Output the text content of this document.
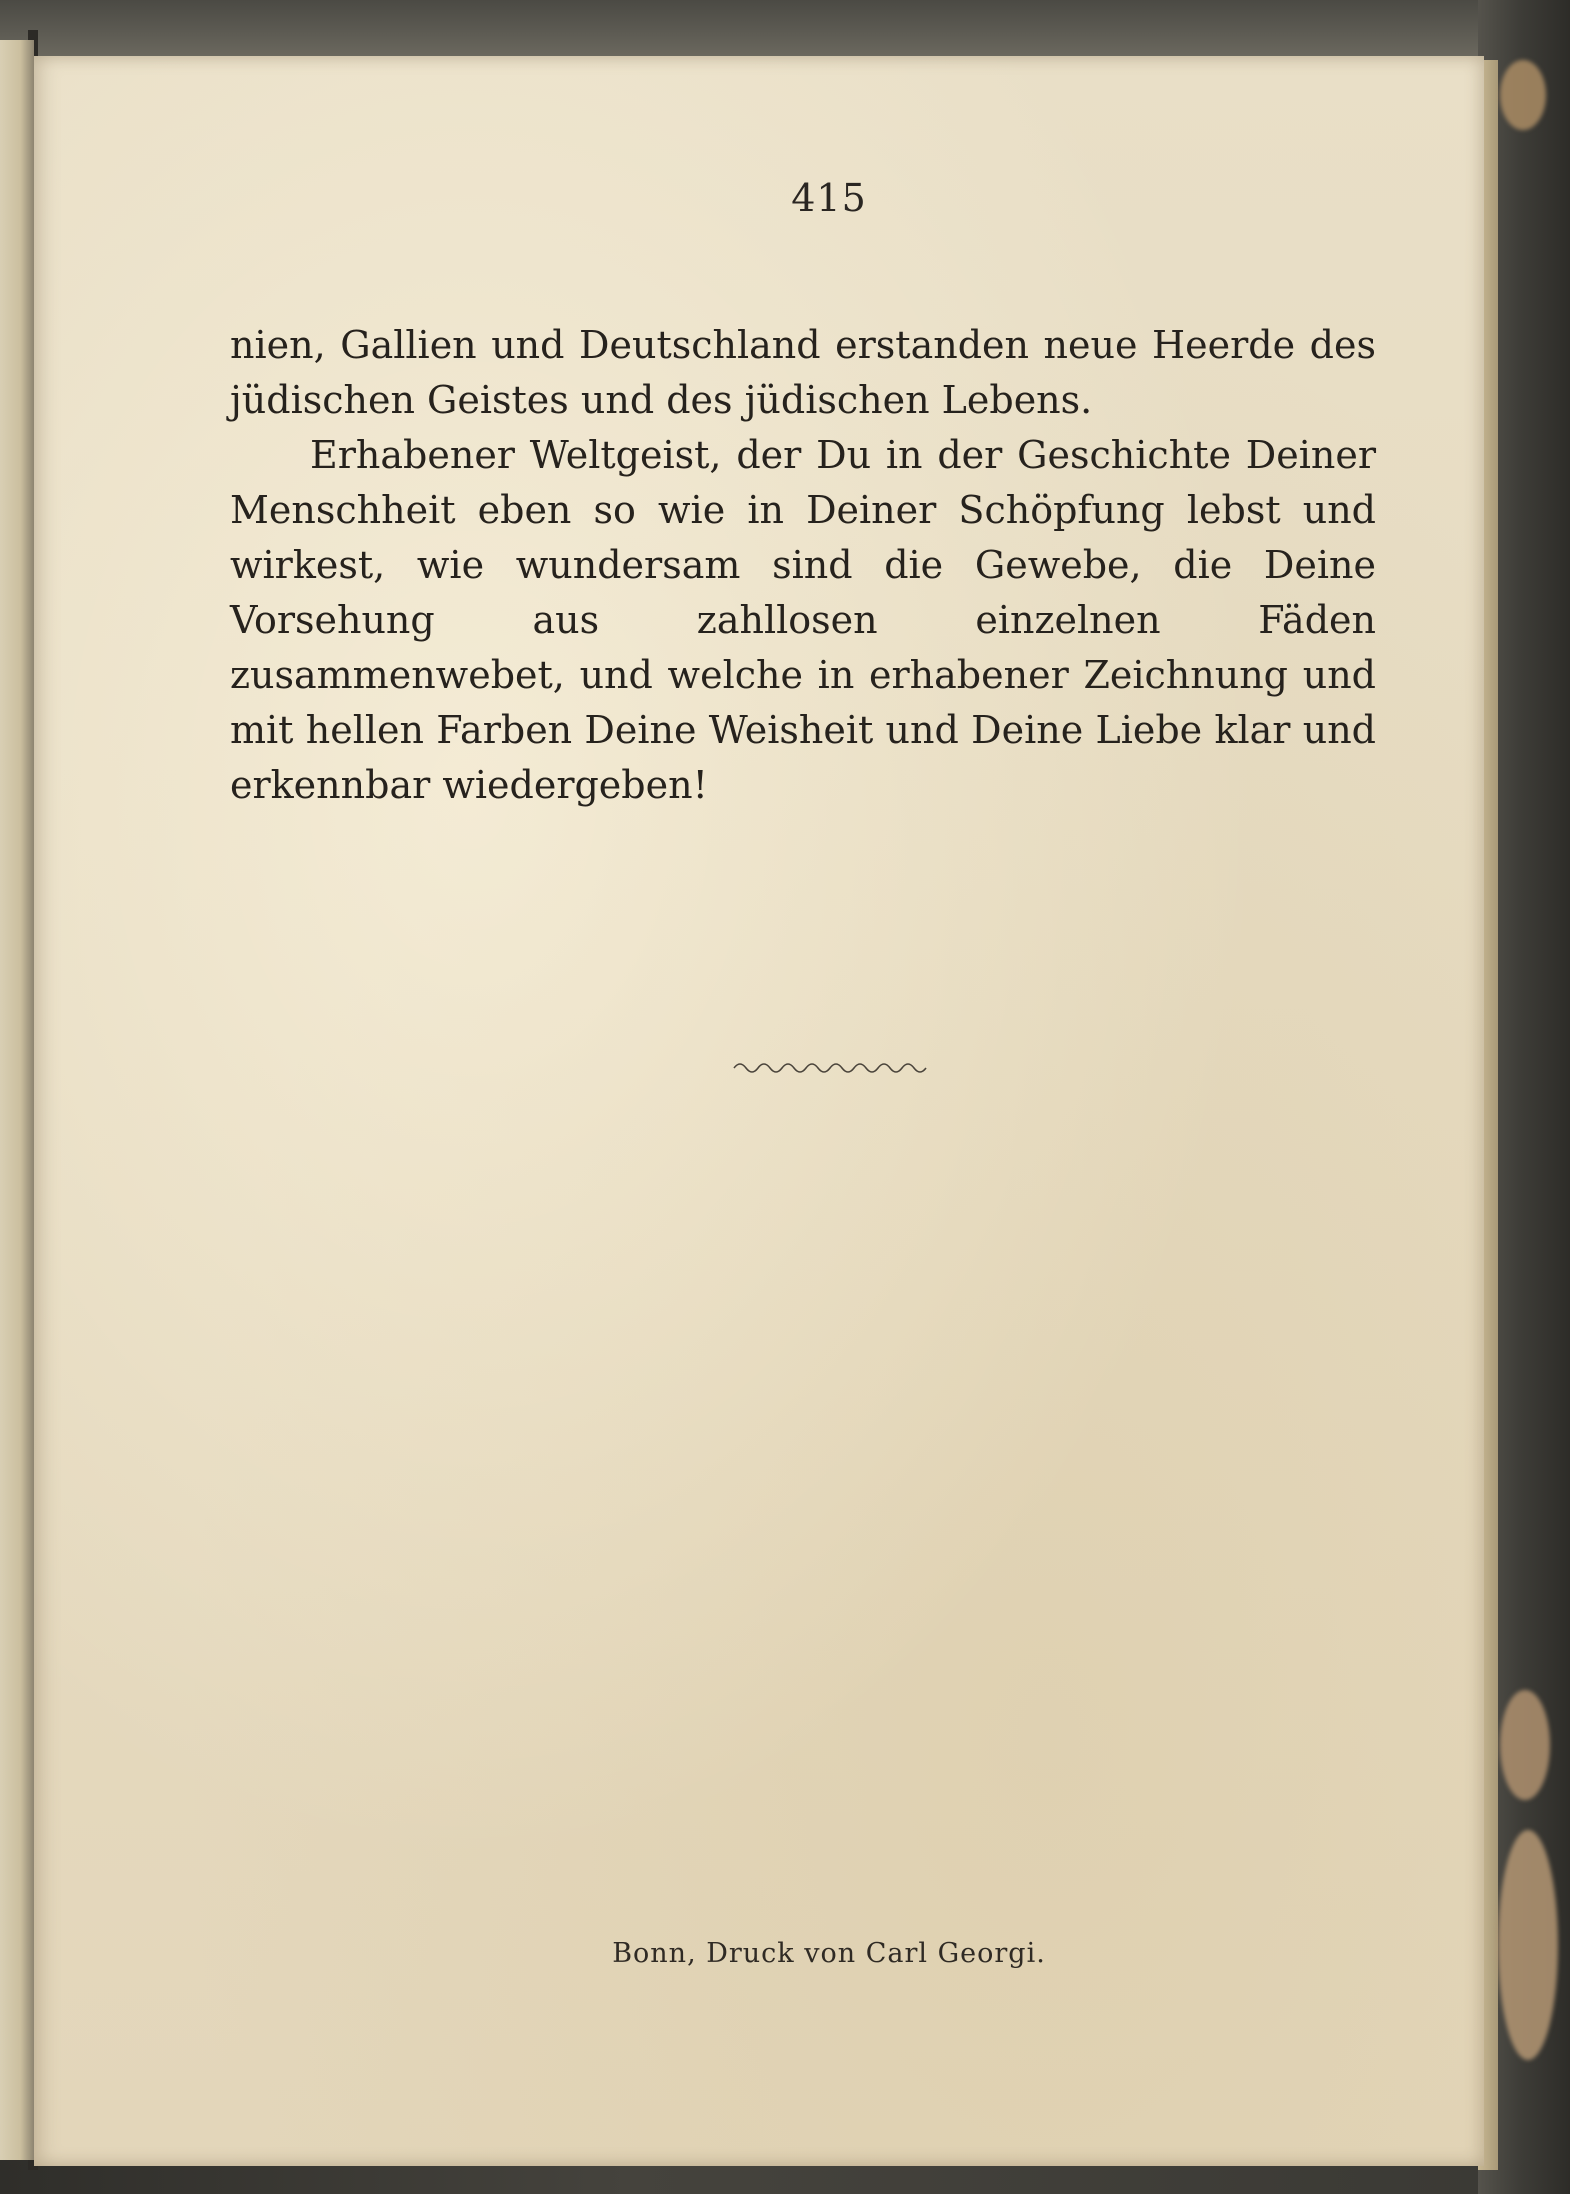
415

nien, Gallien und Deutschland erstanden neue Heerde des jüdischen Geistes und des jüdischen Lebens.

Erhabener Weltgeist, der Du in der Geschichte Deiner Menschheit eben so wie in Deiner Schöpfung lebst und wirkest, wie wundersam sind die Gewebe, die Deine Vorsehung aus zahllosen einzelnen Fäden zusammenwebet, und welche in erhabener Zeichnung und mit hellen Farben Deine Weisheit und Deine Liebe klar und erkennbar wiedergeben!

Bonn, Druck von Carl Georgi.
